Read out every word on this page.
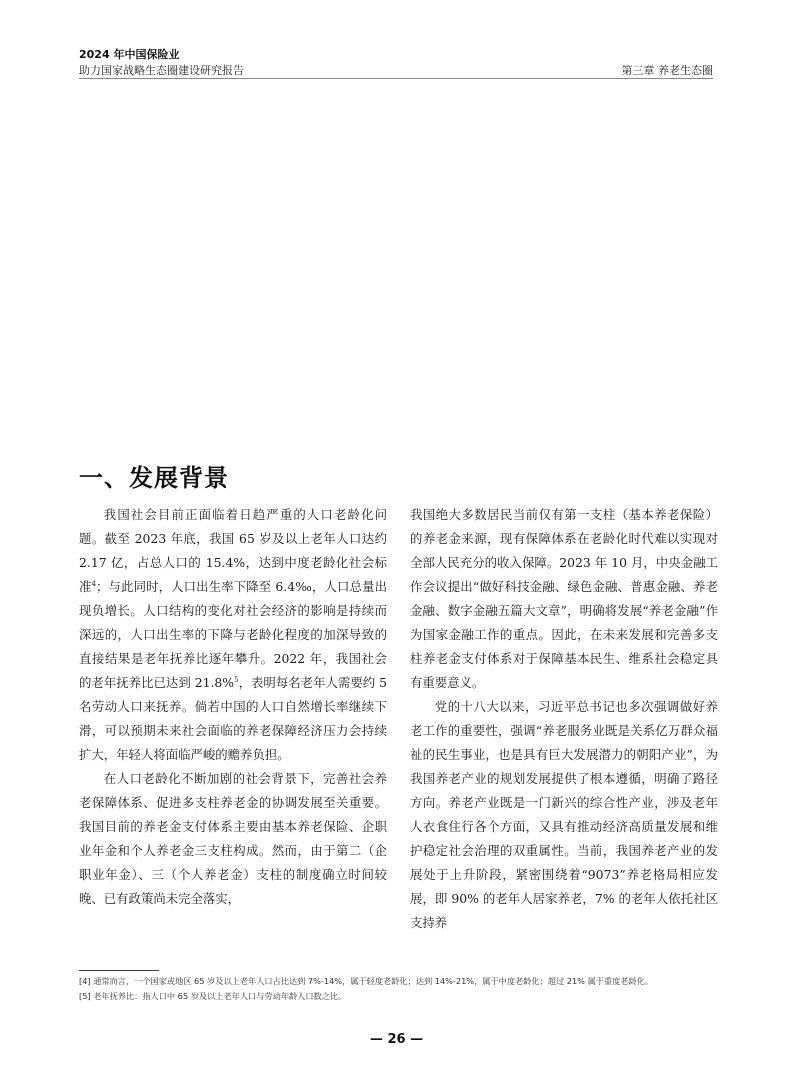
2024 年中国保险业
助力国家战略生态圈建设研究报告	第三章 养老生态圈
一、发展背景

我国社会目前正面临着日趋严重的人口老龄化问题。截至 2023 年底，我国 65 岁及以上老年人口达约 2.17 亿，占总人口的 15.4%，达到中度老龄化社会标准$^4$；与此同时，人口出生率下降至 6.4‰，人口总量出现负增长。人口结构的变化对社会经济的影响是持续而深远的，人口出生率的下降与老龄化程度的加深导致的直接结果是老年抚养比逐年攀升。2022 年，我国社会的老年抚养比已达到 21.8%$^5$，表明每名老年人需要约 5 名劳动人口来抚养。倘若中国的人口自然增长率继续下滑，可以预期未来社会面临的养老保障经济压力会持续扩大，年轻人将面临严峻的赡养负担。

在人口老龄化不断加剧的社会背景下，完善社会养老保障体系、促进多支柱养老金的协调发展至关重要。我国目前的养老金支付体系主要由基本养老保险、企职业年金和个人养老金三支柱构成。然而，由于第二（企职业年金）、三（个人养老金）支柱的制度确立时间较晚、已有政策尚未完全落实，

我国绝大多数居民当前仅有第一支柱（基本养老保险）的养老金来源，现有保障体系在老龄化时代难以实现对全部人民充分的收入保障。2023 年 10 月，中央金融工作会议提出“做好科技金融、绿色金融、普惠金融、养老金融、数字金融五篇大文章”，明确将发展“养老金融”作为国家金融工作的重点。因此，在未来发展和完善多支柱养老金支付体系对于保障基本民生、维系社会稳定具有重要意义。

党的十八大以来，习近平总书记也多次强调做好养老工作的重要性，强调“养老服务业既是关系亿万群众福祉的民生事业，也是具有巨大发展潜力的朝阳产业”，为我国养老产业的规划发展提供了根本遵循，明确了路径方向。养老产业既是一门新兴的综合性产业，涉及老年人衣食住行各个方面，又具有推动经济高质量发展和维护稳定社会治理的双重属性。当前，我国养老产业的发展处于上升阶段，紧密围绕着“9073”养老格局相应发展，即 90% 的老年人居家养老，7% 的老年人依托社区支持养

[4] 通常而言，一个国家或地区 65 岁及以上老年人口占比达到 7%-14%，属于轻度老龄化；达到 14%-21%，属于中度老龄化；超过 21% 属于重度老龄化。
[5] 老年抚养比：指人口中 65 岁及以上老年人口与劳动年龄人口数之比。
— 26 —
